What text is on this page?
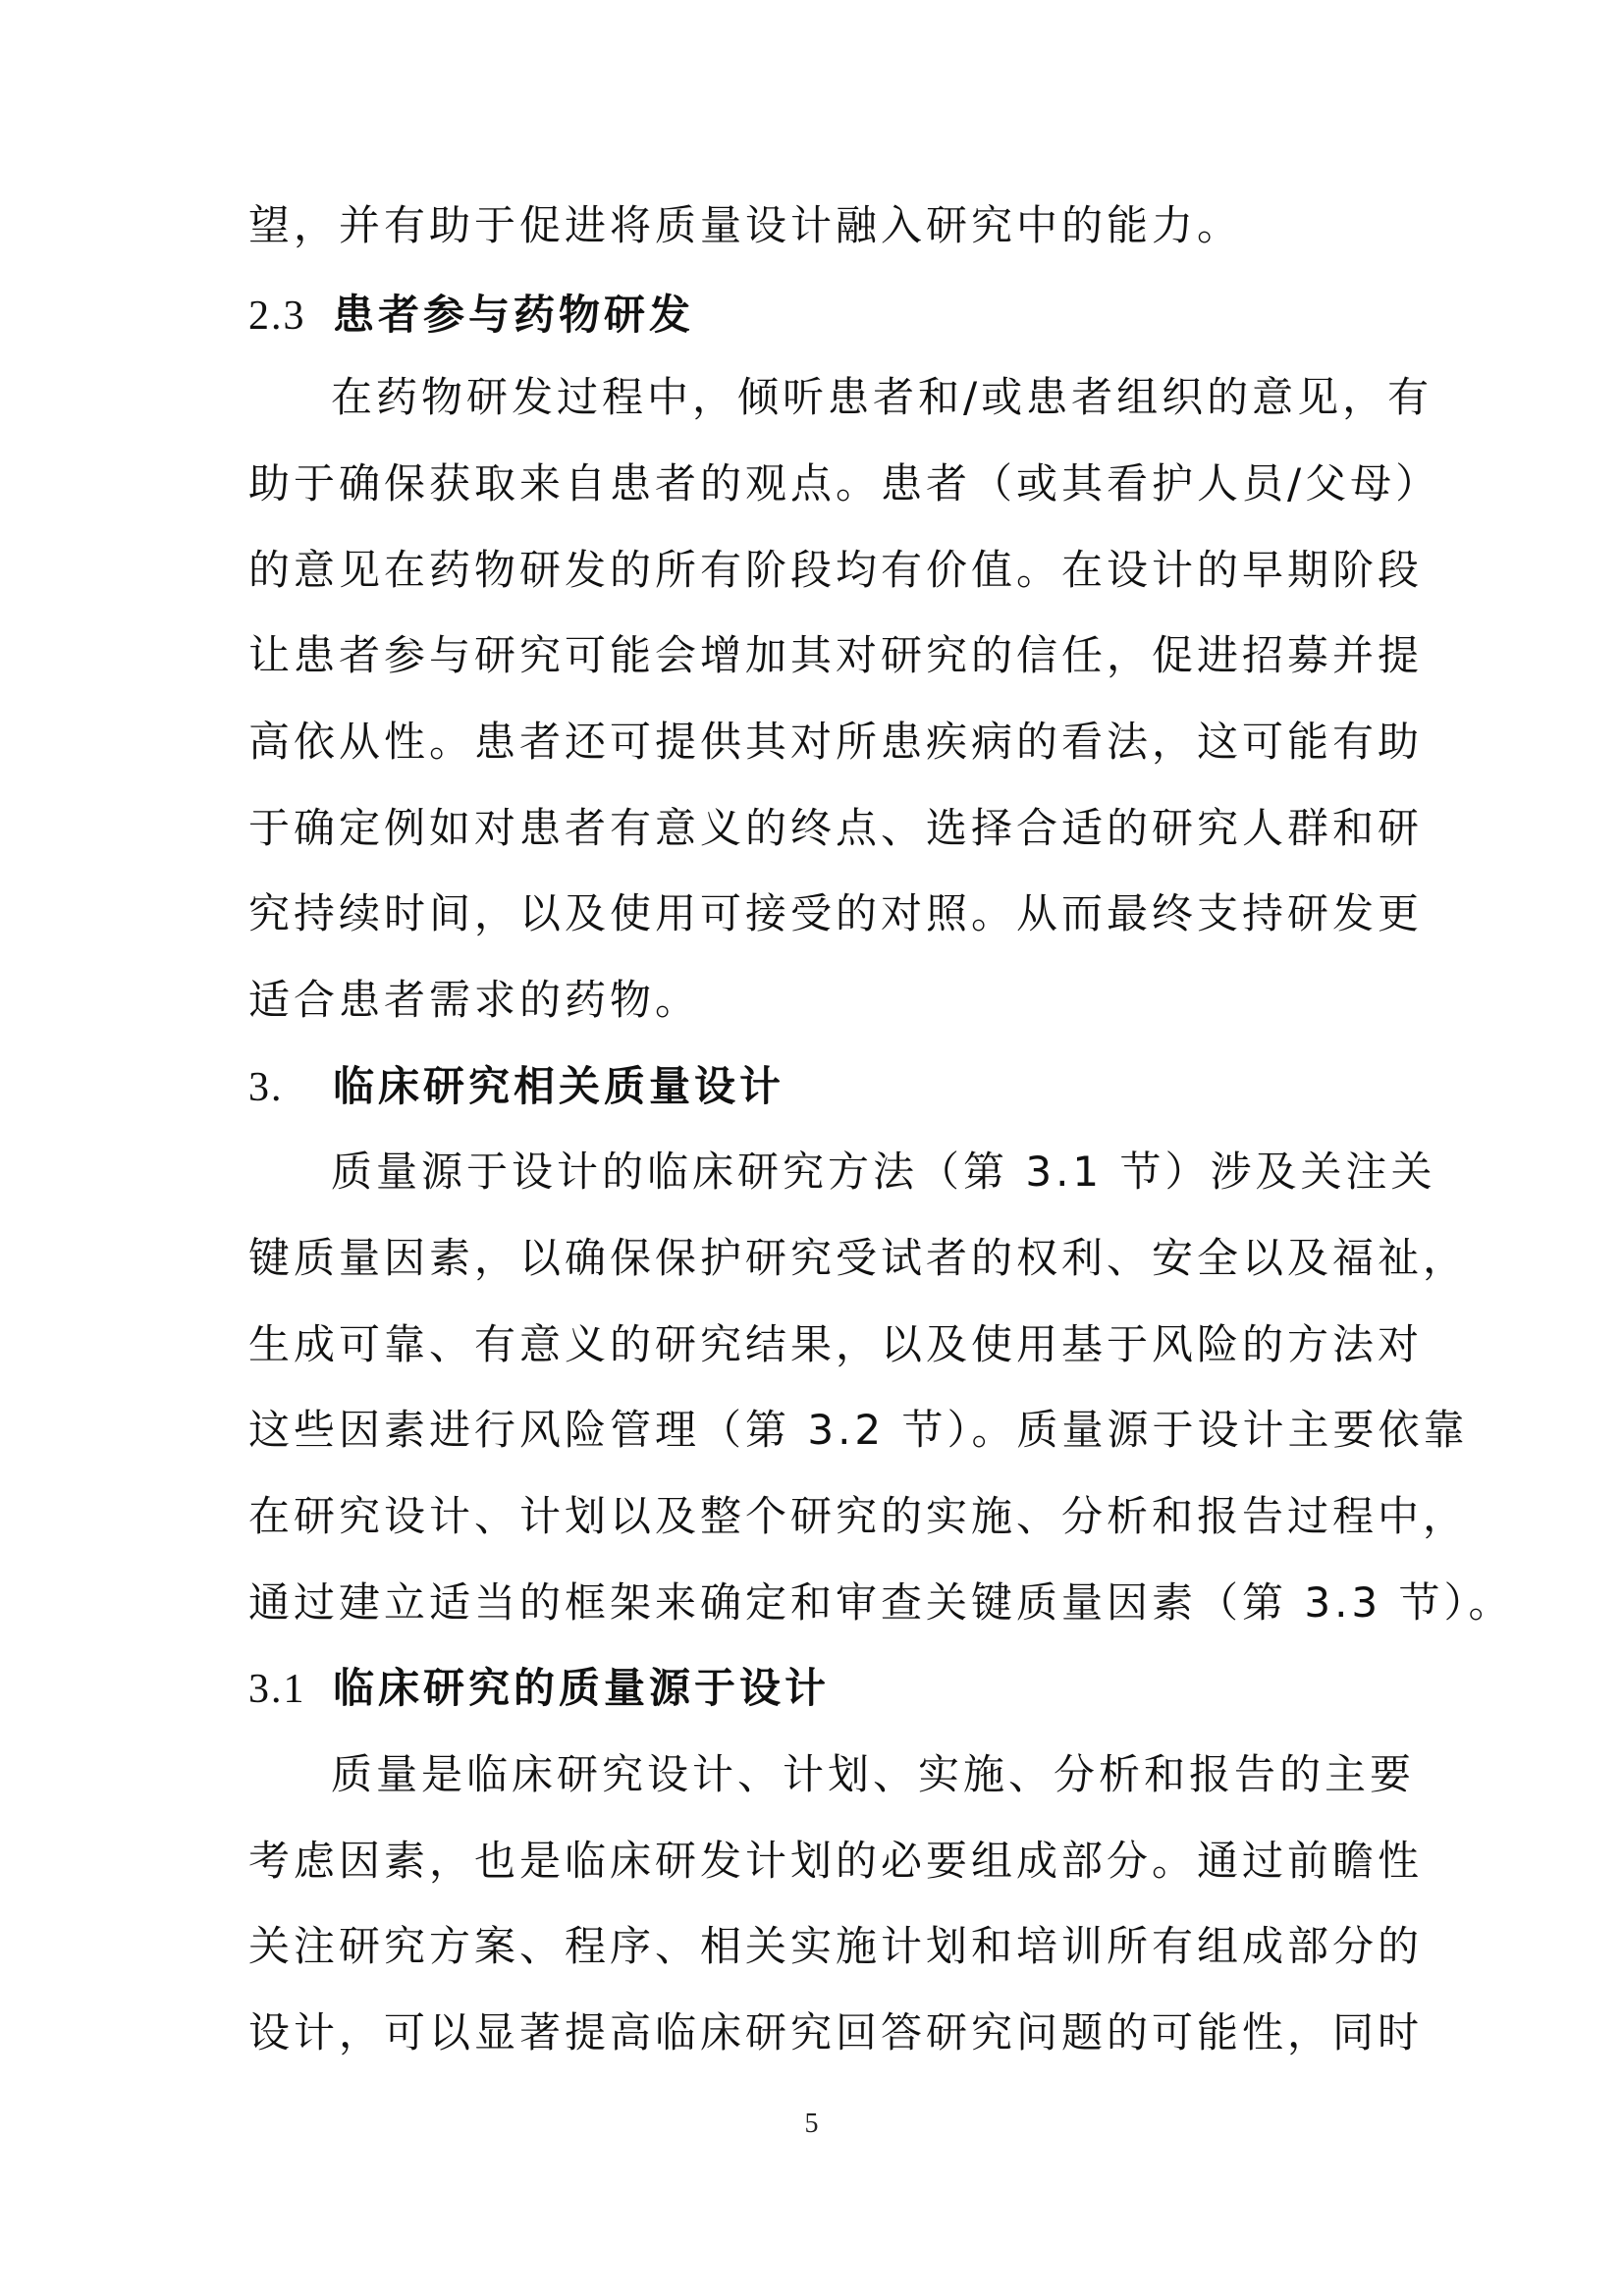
望，并有助于促进将质量设计融入研究中的能力。
2.3 患者参与药物研发
在药物研发过程中，倾听患者和/或患者组织的意见，有
助于确保获取来自患者的观点。患者（或其看护人员/父母）
的意见在药物研发的所有阶段均有价值。在设计的早期阶段
让患者参与研究可能会增加其对研究的信任，促进招募并提
高依从性。患者还可提供其对所患疾病的看法，这可能有助
于确定例如对患者有意义的终点、选择合适的研究人群和研
究持续时间，以及使用可接受的对照。从而最终支持研发更
适合患者需求的药物。
3. 临床研究相关质量设计
质量源于设计的临床研究方法（第 3.1 节）涉及关注关
键质量因素，以确保保护研究受试者的权利、安全以及福祉，
生成可靠、有意义的研究结果，以及使用基于风险的方法对
这些因素进行风险管理（第 3.2 节）。质量源于设计主要依靠
在研究设计、计划以及整个研究的实施、分析和报告过程中，
通过建立适当的框架来确定和审查关键质量因素（第 3.3 节）。
3.1 临床研究的质量源于设计
质量是临床研究设计、计划、实施、分析和报告的主要
考虑因素，也是临床研发计划的必要组成部分。通过前瞻性
关注研究方案、程序、相关实施计划和培训所有组成部分的
设计，可以显著提高临床研究回答研究问题的可能性，同时
5
